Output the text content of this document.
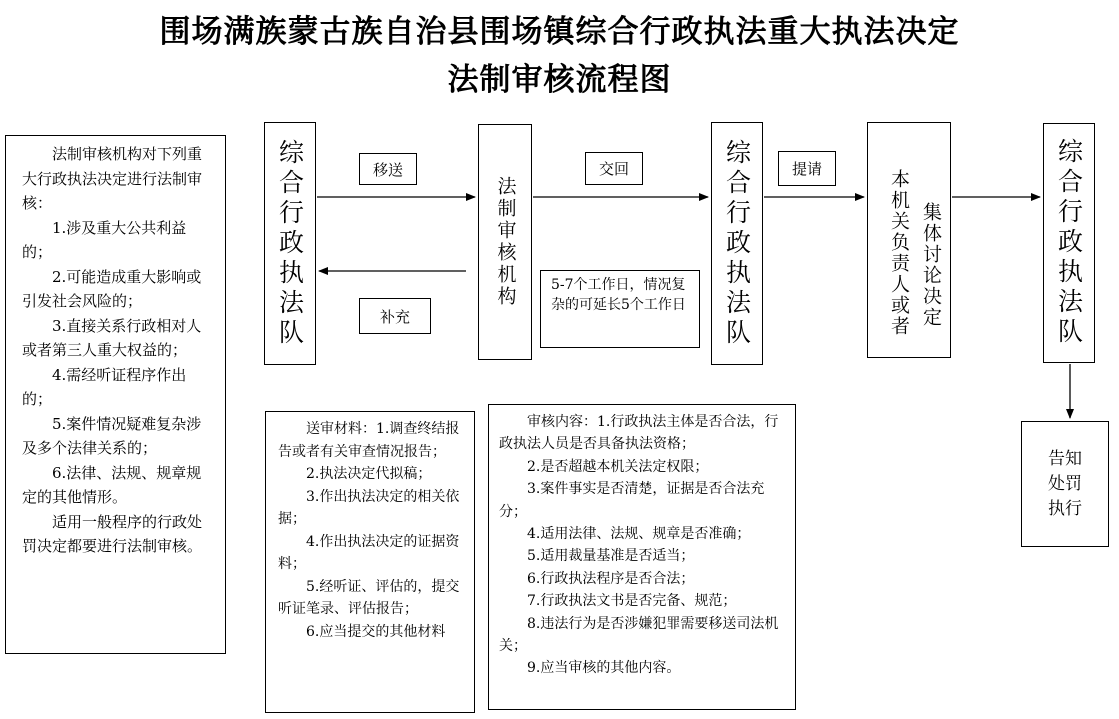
围场满族蒙古族自治县围场镇综合行政执法重大执法决定
法制审核流程图

法制审核机构对下列重大行政执法决定进行法制审核：

1.涉及重大公共利益的；

2.可能造成重大影响或引发社会风险的；

3.直接关系行政相对人或者第三人重大权益的；

4.需经听证程序作出的；

5.案件情况疑难复杂涉及多个法律关系的；

6.法律、法规、规章规定的其他情形。

适用一般程序的行政处罚决定都要进行法制审核。

综合行政执法队	法制审核机构	综合行政执法队	本机关负责人或者 集体讨论决定	综合行政执法队
告知处罚执行
移送
补充
交回	提请
5-7个工作日，情况复杂的可延长5个工作日

送审材料：1.调查终结报告或者有关审查情况报告；

2.执法决定代拟稿；

3.作出执法决定的相关依据；

4.作出执法决定的证据资料；

5.经听证、评估的，提交听证笔录、评估报告；

6.应当提交的其他材料

审核内容：1.行政执法主体是否合法，行政执法人员是否具备执法资格；

2.是否超越本机关法定权限；

3.案件事实是否清楚，证据是否合法充分；

4.适用法律、法规、规章是否准确；

5.适用裁量基准是否适当；

6.行政执法程序是否合法；

7.行政执法文书是否完备、规范；

8.违法行为是否涉嫌犯罪需要移送司法机关；

9.应当审核的其他内容。
